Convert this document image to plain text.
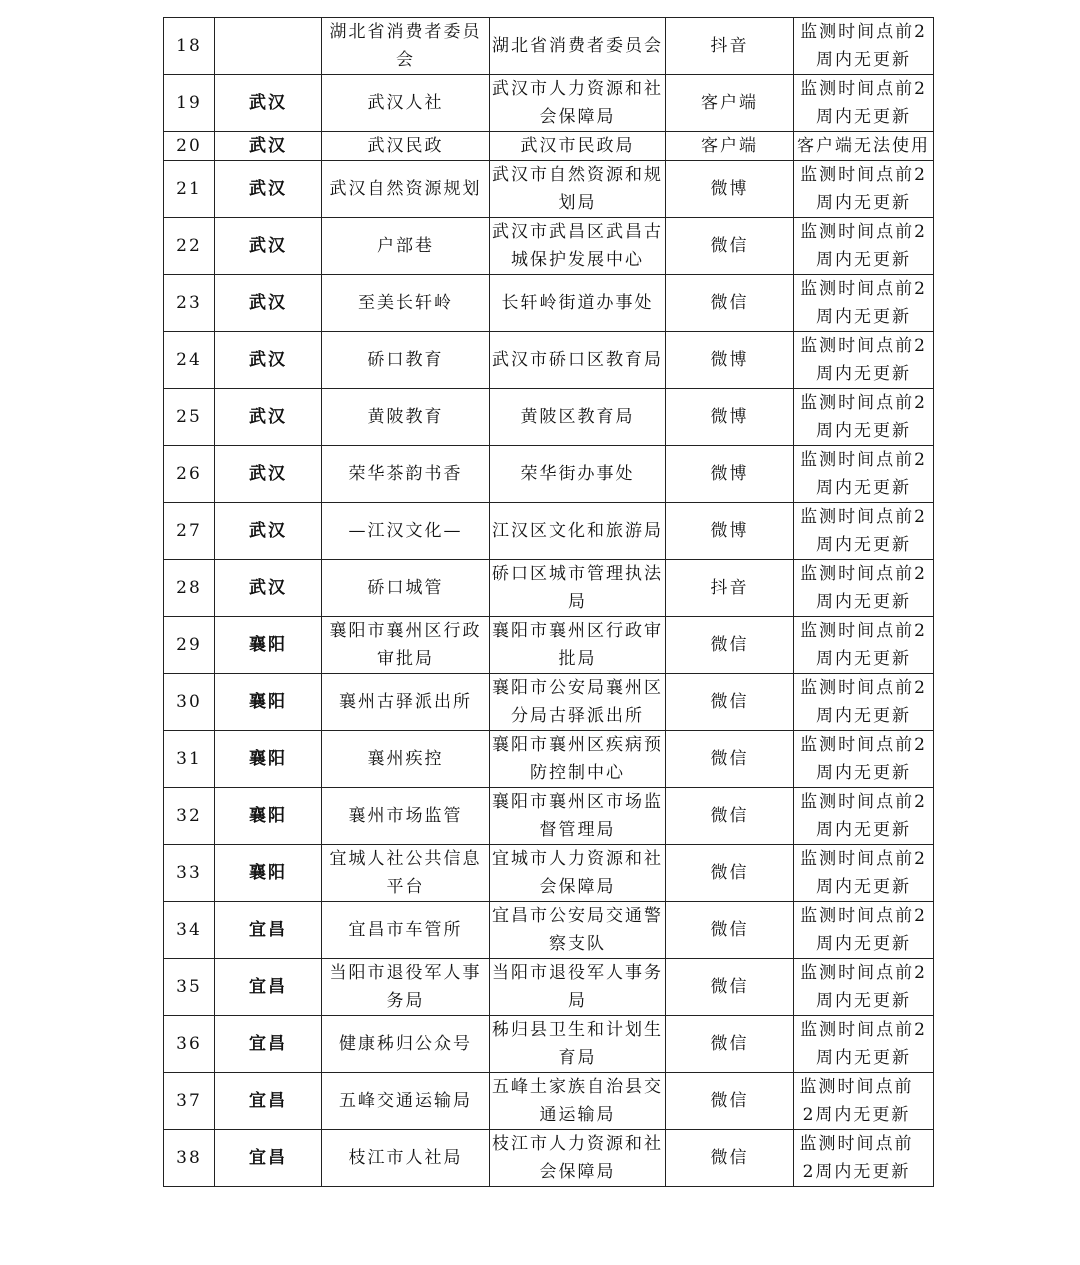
18		湖北省消费者委员会	湖北省消费者委员会	抖音	监测时间点前2周内无更新
19	武汉	武汉人社	武汉市人力资源和社会保障局	客户端	监测时间点前2周内无更新
20	武汉	武汉民政	武汉市民政局	客户端	客户端无法使用
21	武汉	武汉自然资源规划	武汉市自然资源和规划局	微博	监测时间点前2周内无更新
22	武汉	户部巷	武汉市武昌区武昌古城保护发展中心	微信	监测时间点前2周内无更新
23	武汉	至美长轩岭	长轩岭街道办事处	微信	监测时间点前2周内无更新
24	武汉	硚口教育	武汉市硚口区教育局	微博	监测时间点前2周内无更新
25	武汉	黄陂教育	黄陂区教育局	微博	监测时间点前2周内无更新
26	武汉	荣华茶韵书香	荣华街办事处	微博	监测时间点前2周内无更新
27	武汉	—江汉文化—	江汉区文化和旅游局	微博	监测时间点前2周内无更新
28	武汉	硚口城管	硚口区城市管理执法局	抖音	监测时间点前2周内无更新
29	襄阳	襄阳市襄州区行政审批局	襄阳市襄州区行政审批局	微信	监测时间点前2周内无更新
30	襄阳	襄州古驿派出所	襄阳市公安局襄州区分局古驿派出所	微信	监测时间点前2周内无更新
31	襄阳	襄州疾控	襄阳市襄州区疾病预防控制中心	微信	监测时间点前2周内无更新
32	襄阳	襄州市场监管	襄阳市襄州区市场监督管理局	微信	监测时间点前2周内无更新
33	襄阳	宜城人社公共信息平台	宜城市人力资源和社会保障局	微信	监测时间点前2周内无更新
34	宜昌	宜昌市车管所	宜昌市公安局交通警察支队	微信	监测时间点前2周内无更新
35	宜昌	当阳市退役军人事务局	当阳市退役军人事务局	微信	监测时间点前2周内无更新
36	宜昌	健康秭归公众号	秭归县卫生和计划生育局	微信	监测时间点前2周内无更新
37	宜昌	五峰交通运输局	五峰土家族自治县交通运输局	微信	监测时间点前2周内无更新
38	宜昌	枝江市人社局	枝江市人力资源和社会保障局	微信	监测时间点前2周内无更新
